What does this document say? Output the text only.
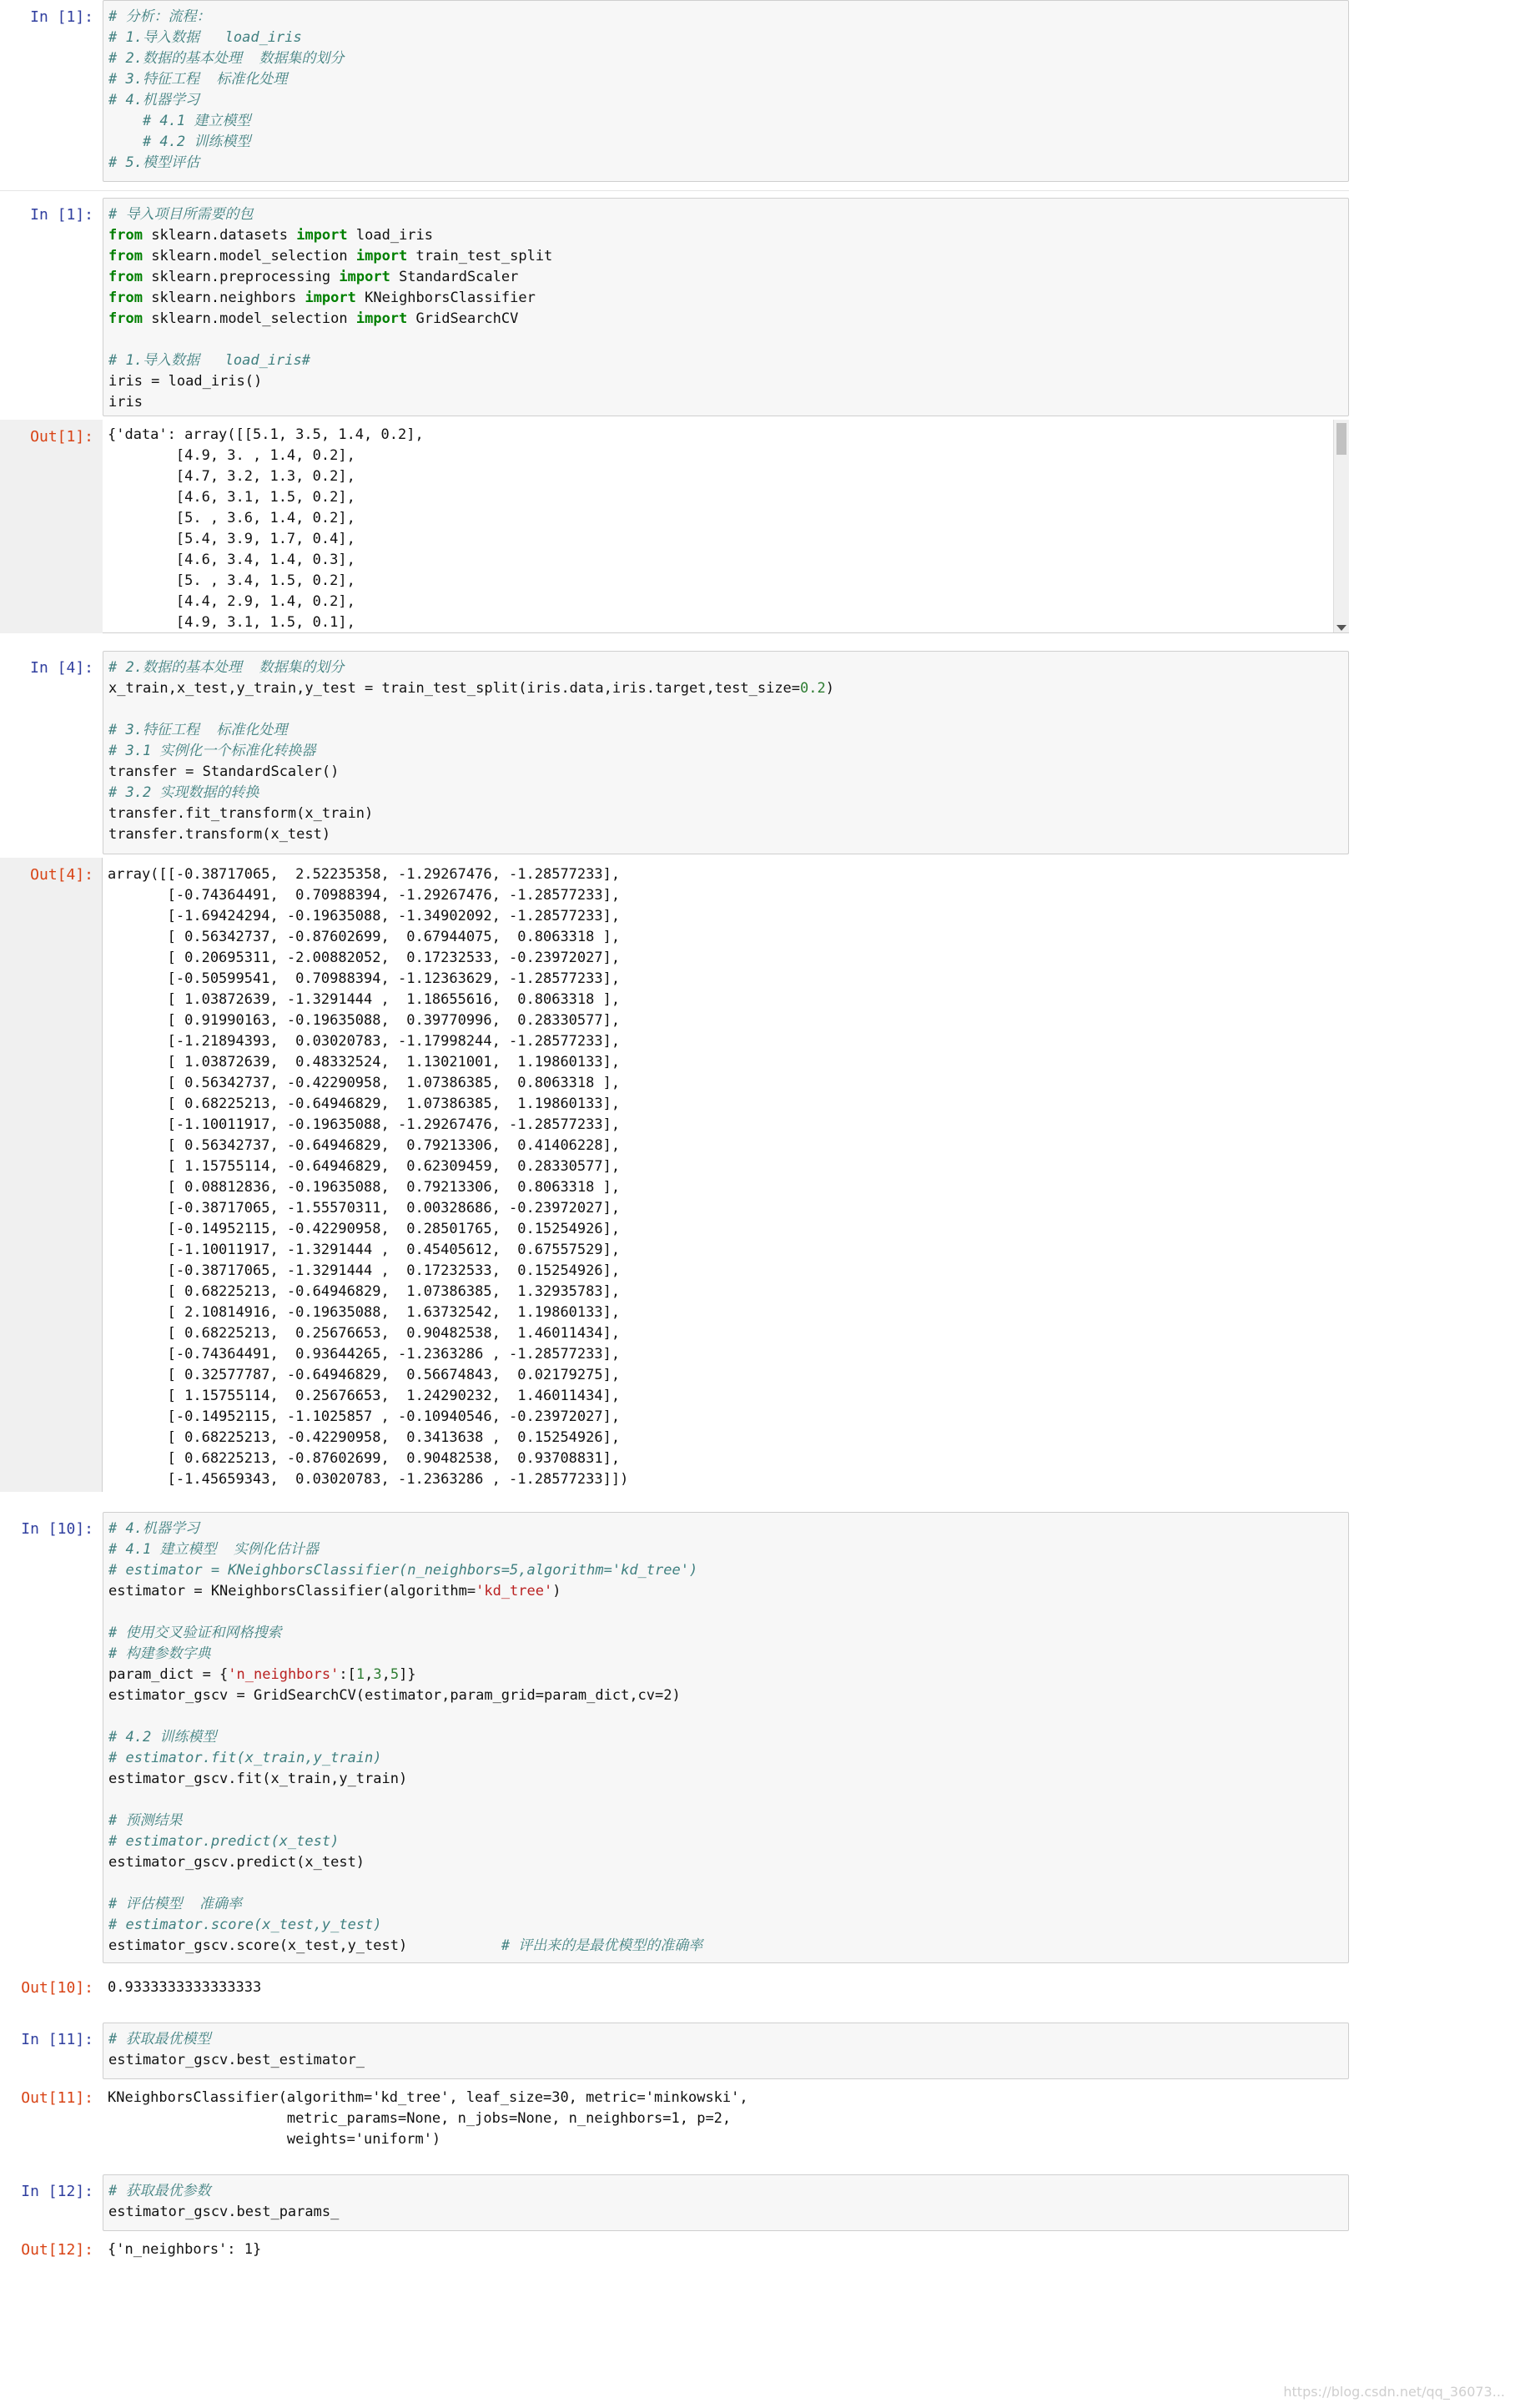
In [1]: # 分析：流程：
# 1.导入数据   load_iris
# 2.数据的基本处理  数据集的划分
# 3.特征工程  标准化处理
# 4.机器学习
# 4.1 建立模型
# 4.2 训练模型
# 5.模型评估
In [1]: # 导入项目所需要的包
from sklearn.datasets import load_iris
from sklearn.model_selection import train_test_split
from sklearn.preprocessing import StandardScaler
from sklearn.neighbors import KNeighborsClassifier
from sklearn.model_selection import GridSearchCV

# 1.导入数据   load_iris#
iris = load_iris()
iris
Out[1]: {'data': array([[5.1, 3.5, 1.4, 0.2],
[4.9, 3. , 1.4, 0.2],
[4.7, 3.2, 1.3, 0.2],
[4.6, 3.1, 1.5, 0.2],
[5. , 3.6, 1.4, 0.2],
[5.4, 3.9, 1.7, 0.4],
[4.6, 3.4, 1.4, 0.3],
[5. , 3.4, 1.5, 0.2],
[4.4, 2.9, 1.4, 0.2],
[4.9, 3.1, 1.5, 0.1],
In [4]: # 2.数据的基本处理  数据集的划分
x_train,x_test,y_train,y_test = train_test_split(iris.data,iris.target,test_size=0.2)

# 3.特征工程  标准化处理
# 3.1 实例化一个标准化转换器
transfer = StandardScaler()
# 3.2 实现数据的转换
transfer.fit_transform(x_train)
transfer.transform(x_test)
Out[4]: array([[-0.38717065,  2.52235358, -1.29267476, -1.28577233],
[-0.74364491,  0.70988394, -1.29267476, -1.28577233],
[-1.69424294, -0.19635088, -1.34902092, -1.28577233],
[ 0.56342737, -0.87602699,  0.67944075,  0.8063318 ],
[ 0.20695311, -2.00882052,  0.17232533, -0.23972027],
[-0.50599541,  0.70988394, -1.12363629, -1.28577233],
[ 1.03872639, -1.3291444 ,  1.18655616,  0.8063318 ],
[ 0.91990163, -0.19635088,  0.39770996,  0.28330577],
[-1.21894393,  0.03020783, -1.17998244, -1.28577233],
[ 1.03872639,  0.48332524,  1.13021001,  1.19860133],
[ 0.56342737, -0.42290958,  1.07386385,  0.8063318 ],
[ 0.68225213, -0.64946829,  1.07386385,  1.19860133],
[-1.10011917, -0.19635088, -1.29267476, -1.28577233],
[ 0.56342737, -0.64946829,  0.79213306,  0.41406228],
[ 1.15755114, -0.64946829,  0.62309459,  0.28330577],
[ 0.08812836, -0.19635088,  0.79213306,  0.8063318 ],
[-0.38717065, -1.55570311,  0.00328686, -0.23972027],
[-0.14952115, -0.42290958,  0.28501765,  0.15254926],
[-1.10011917, -1.3291444 ,  0.45405612,  0.67557529],
[-0.38717065, -1.3291444 ,  0.17232533,  0.15254926],
[ 0.68225213, -0.64946829,  1.07386385,  1.32935783],
[ 2.10814916, -0.19635088,  1.63732542,  1.19860133],
[ 0.68225213,  0.25676653,  0.90482538,  1.46011434],
[-0.74364491,  0.93644265, -1.2363286 , -1.28577233],
[ 0.32577787, -0.64946829,  0.56674843,  0.02179275],
[ 1.15755114,  0.25676653,  1.24290232,  1.46011434],
[-0.14952115, -1.1025857 , -0.10940546, -0.23972027],
[ 0.68225213, -0.42290958,  0.3413638 ,  0.15254926],
[ 0.68225213, -0.87602699,  0.90482538,  0.93708831],
[-1.45659343,  0.03020783, -1.2363286 , -1.28577233]])
In [10]: # 4.机器学习
# 4.1 建立模型  实例化估计器
# estimator = KNeighborsClassifier(n_neighbors=5,algorithm='kd_tree')
estimator = KNeighborsClassifier(algorithm='kd_tree')

# 使用交叉验证和网格搜索
# 构建参数字典
param_dict = {'n_neighbors':[1,3,5]}
estimator_gscv = GridSearchCV(estimator,param_grid=param_dict,cv=2)

# 4.2 训练模型
# estimator.fit(x_train,y_train)
estimator_gscv.fit(x_train,y_train)

# 预测结果
# estimator.predict(x_test)
estimator_gscv.predict(x_test)

# 评估模型  准确率
# estimator.score(x_test,y_test)
estimator_gscv.score(x_test,y_test)	# 评出来的是最优模型的准确率
Out[10]: 0.9333333333333333
In [11]: # 获取最优模型
estimator_gscv.best_estimator_
Out[11]: KNeighborsClassifier(algorithm='kd_tree', leaf_size=30, metric='minkowski',
metric_params=None, n_jobs=None, n_neighbors=1, p=2,
weights='uniform')
In [12]: # 获取最优参数
estimator_gscv.best_params_
Out[12]: {'n_neighbors': 1}
https://blog.csdn.net/qq_36073...
